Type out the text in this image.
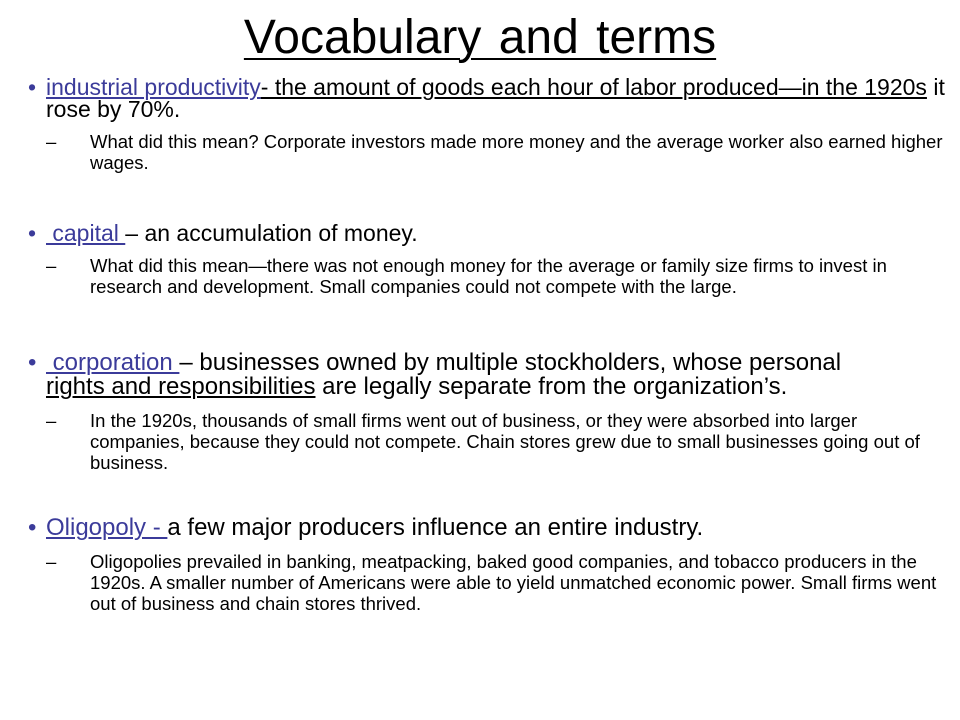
Vocabulary and terms
• industrial productivity- the amount of goods each hour of labor produced—in the 1920s it rose by 70%.
– What did this mean? Corporate investors made more money and the average worker also earned higher wages.
• capital – an accumulation of money.
– What did this mean—there was not enough money for the average or family size firms to invest in research and development. Small companies could not compete with the large.
• corporation – businesses owned by multiple stockholders, whose personal
rights and responsibilities are legally separate from the organization’s.
– In the 1920s, thousands of small firms went out of business, or they were absorbed into larger companies, because they could not compete. Chain stores grew due to small businesses going out of business.
• Oligopoly - a few major producers influence an entire industry.
– Oligopolies prevailed in banking, meatpacking, baked good companies, and tobacco producers in the 1920s. A smaller number of Americans were able to yield unmatched economic power. Small firms went out of business and chain stores thrived.
